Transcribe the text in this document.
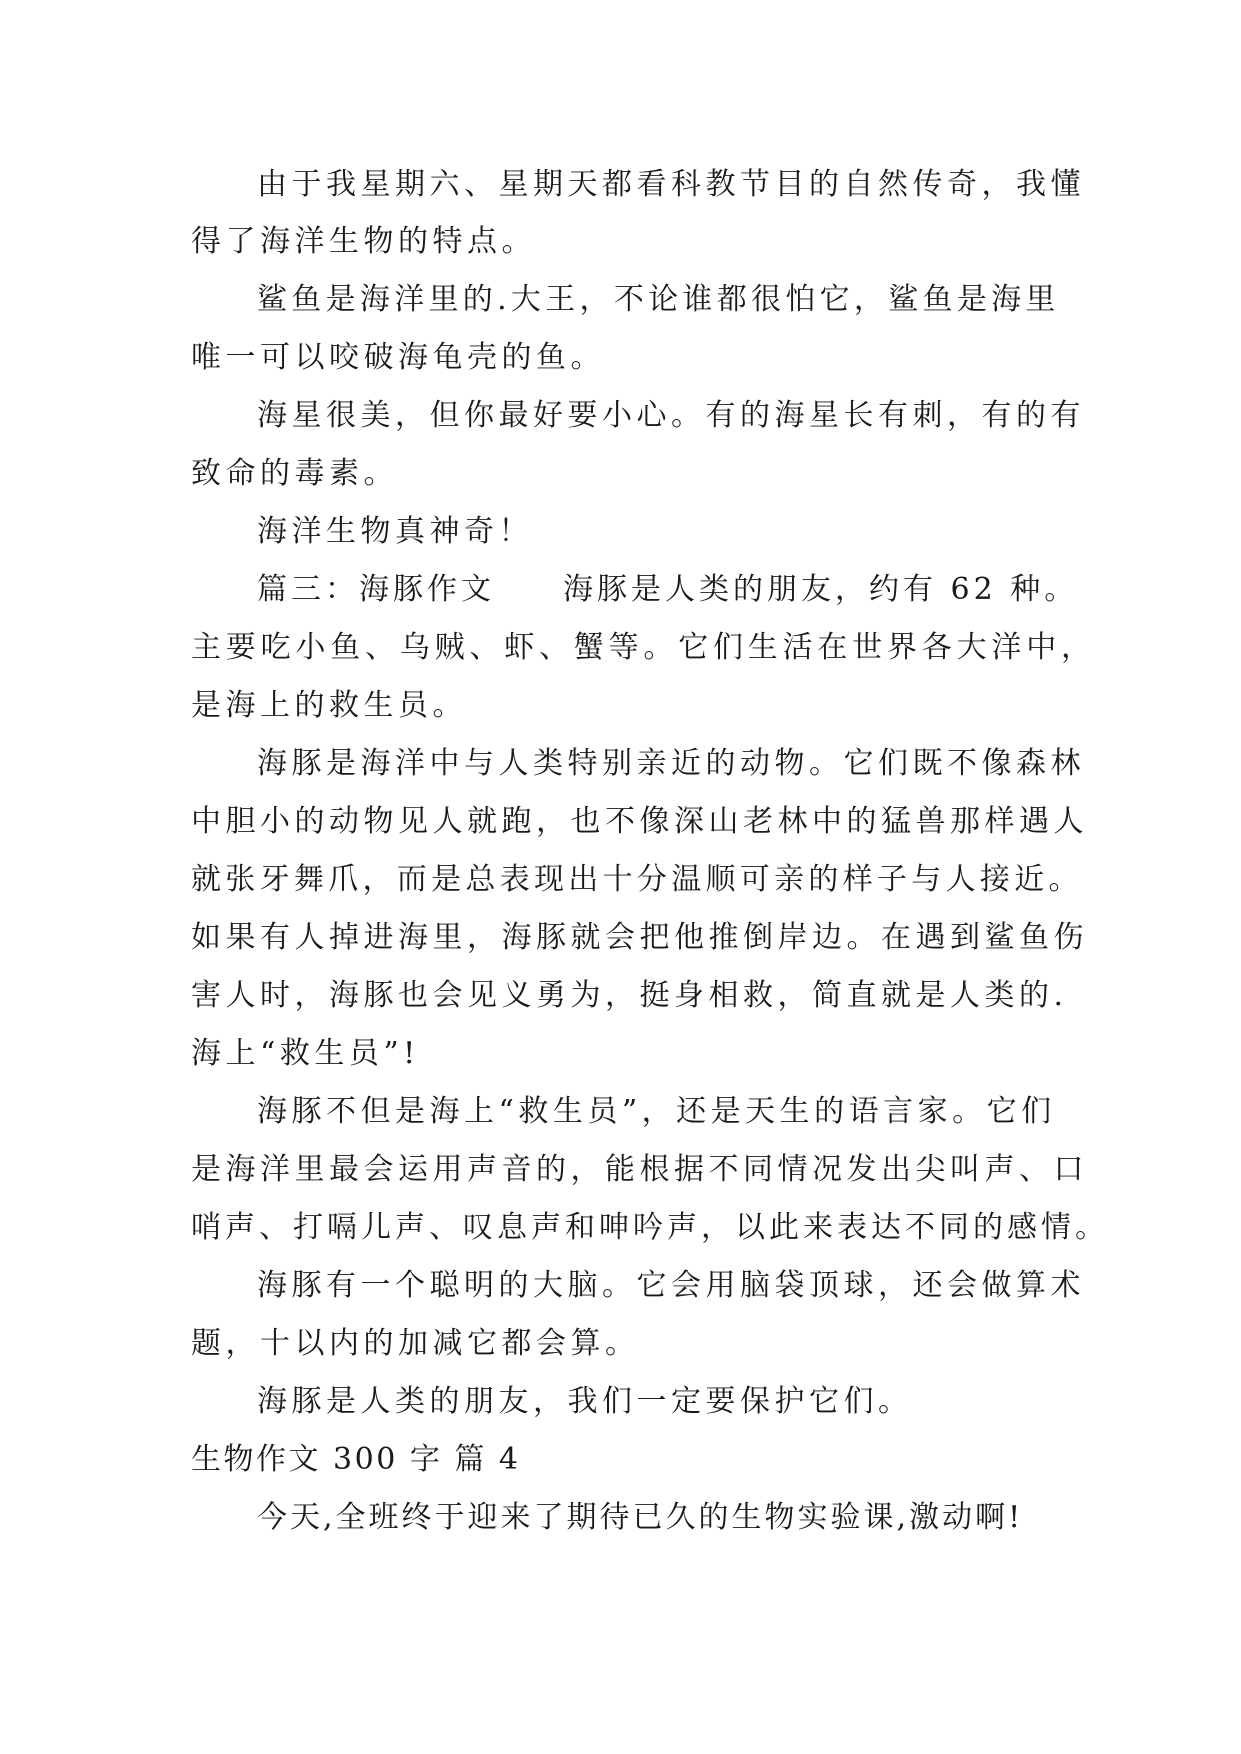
由于我星期六、星期天都看科教节目的自然传奇，我懂
得了海洋生物的特点。
鲨鱼是海洋里的.大王，不论谁都很怕它，鲨鱼是海里
唯一可以咬破海龟壳的鱼。
海星很美，但你最好要小心。有的海星长有刺，有的有
致命的毒素。
海洋生物真神奇！
篇三：海豚作文　　海豚是人类的朋友，约有 62 种。
主要吃小鱼、乌贼、虾、蟹等。它们生活在世界各大洋中，
是海上的救生员。
海豚是海洋中与人类特别亲近的动物。它们既不像森林
中胆小的动物见人就跑，也不像深山老林中的猛兽那样遇人
就张牙舞爪，而是总表现出十分温顺可亲的样子与人接近。
如果有人掉进海里，海豚就会把他推倒岸边。在遇到鲨鱼伤
害人时，海豚也会见义勇为，挺身相救，简直就是人类的.
海上“救生员”!
海豚不但是海上“救生员”，还是天生的语言家。它们
是海洋里最会运用声音的，能根据不同情况发出尖叫声、口
哨声、打嗝儿声、叹息声和呻吟声，以此来表达不同的感情。
海豚有一个聪明的大脑。它会用脑袋顶球，还会做算术
题，十以内的加减它都会算。
海豚是人类的朋友，我们一定要保护它们。
生物作文 300 字 篇 4
今天,全班终于迎来了期待已久的生物实验课,激动啊!
